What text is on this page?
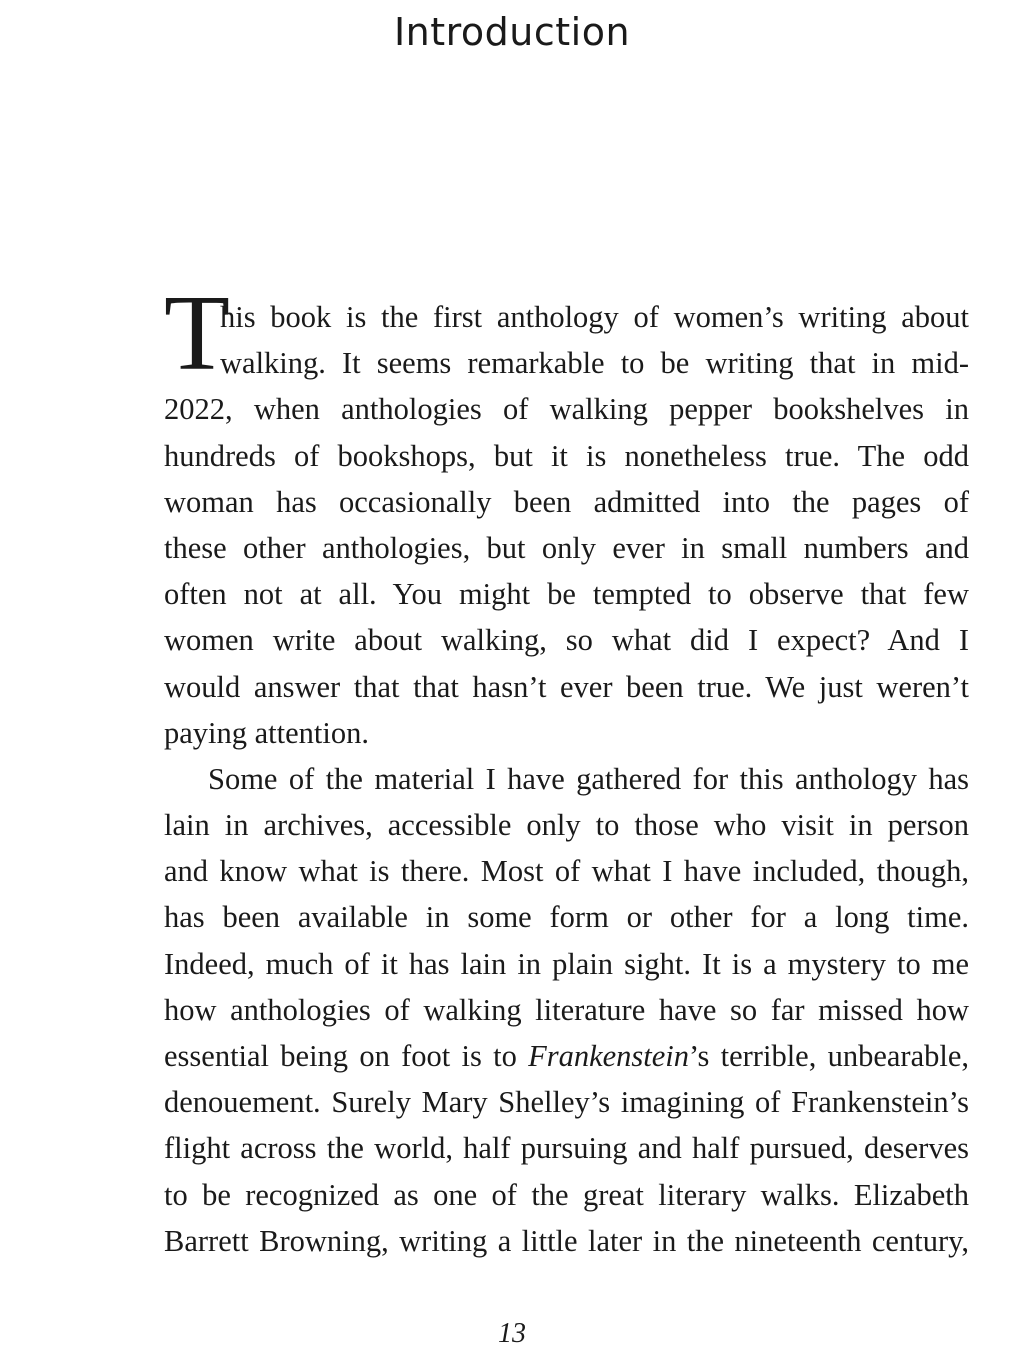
Introduction
T
his book is the first anthology of women’s writing about
walking. It seems remarkable to be writing that in mid-
2022, when anthologies of walking pepper bookshelves in
hundreds of bookshops, but it is nonetheless true. The odd
woman has occasionally been admitted into the pages of
these other anthologies, but only ever in small numbers and
often not at all. You might be tempted to observe that few
women write about walking, so what did I expect? And I
would answer that that hasn’t ever been true. We just weren’t
paying attention.
Some of the material I have gathered for this anthology has
lain in archives, accessible only to those who visit in person
and know what is there. Most of what I have included, though,
has been available in some form or other for a long time.
Indeed, much of it has lain in plain sight. It is a mystery to me
how anthologies of walking literature have so far missed how
essential being on foot is to Frankenstein’s terrible, unbearable,
denouement. Surely Mary Shelley’s imagining of Frankenstein’s
flight across the world, half pursuing and half pursued, deserves
to be recognized as one of the great literary walks. Elizabeth
Barrett Browning, writing a little later in the nineteenth century,
13
